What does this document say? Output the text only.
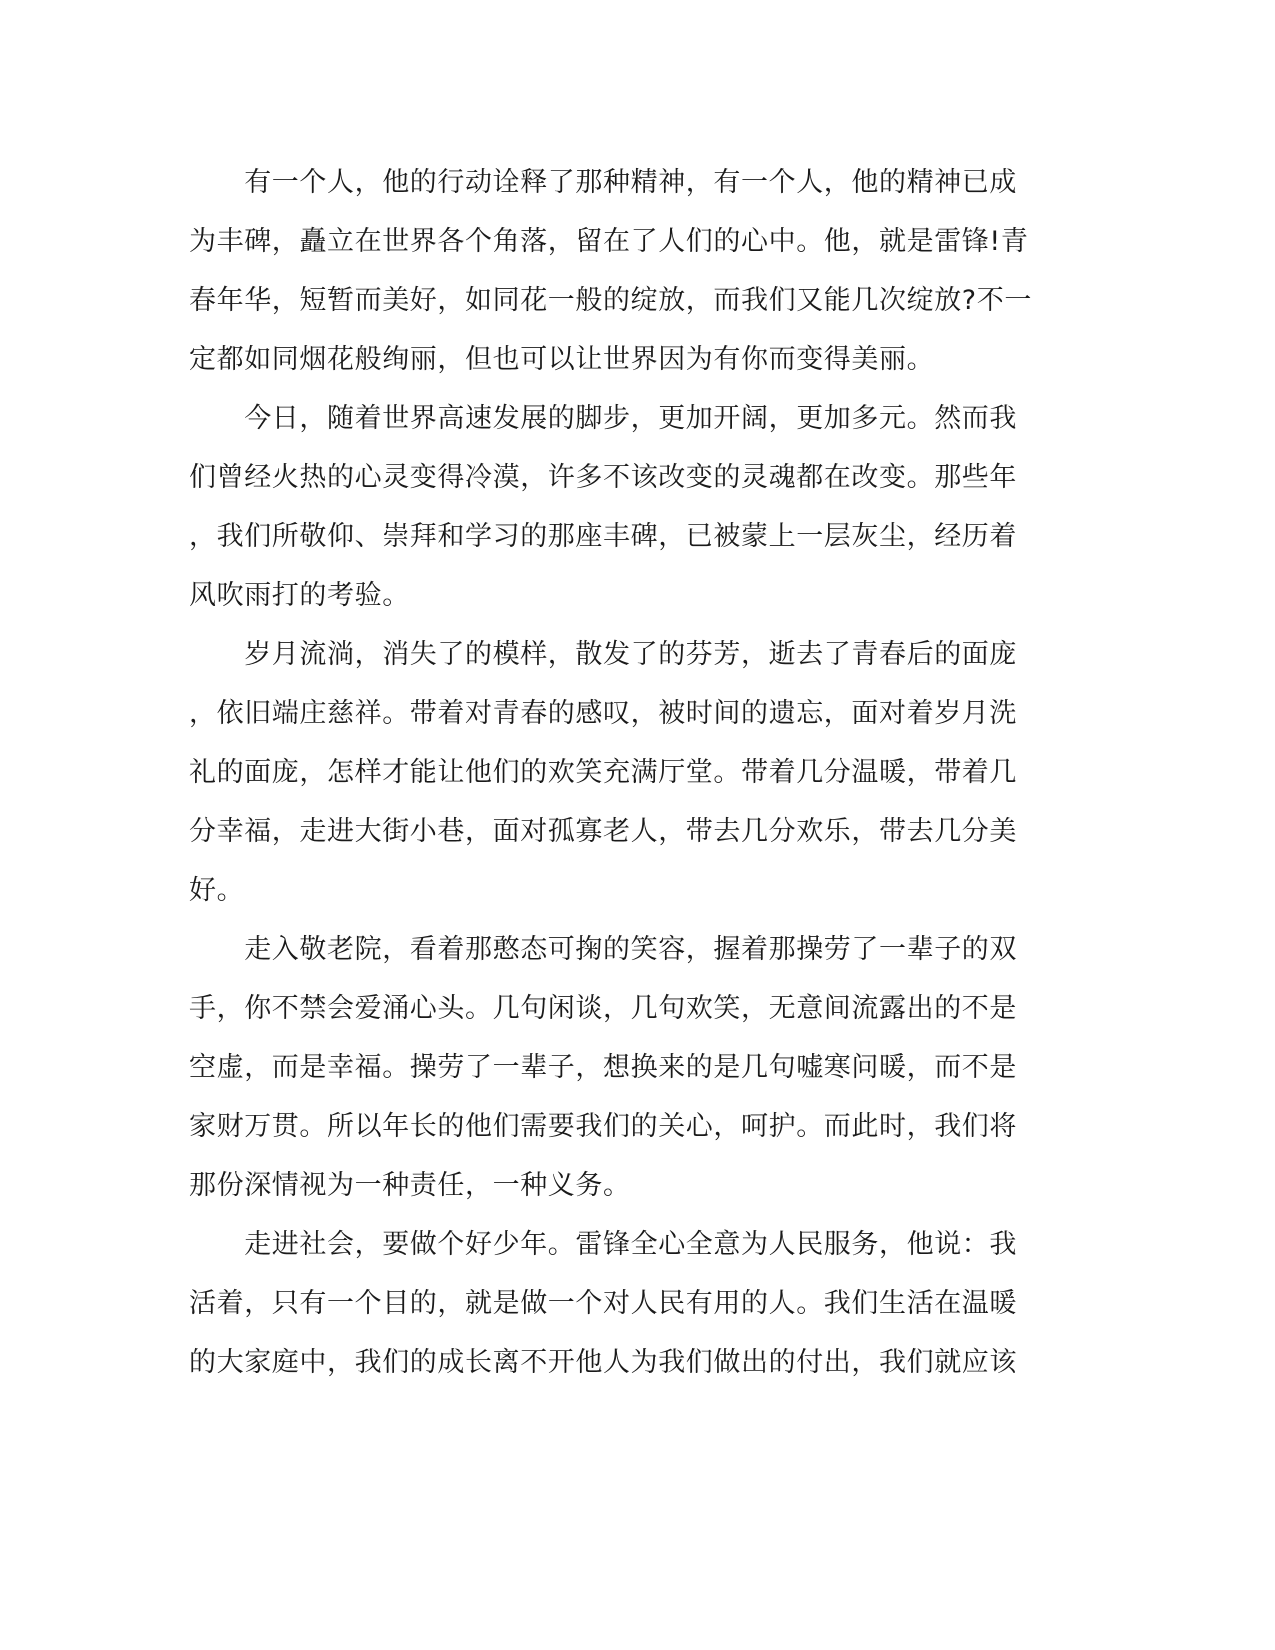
　　有一个人，他的行动诠释了那种精神，有一个人，他的精神已成
为丰碑，矗立在世界各个角落，留在了人们的心中。他，就是雷锋!青
春年华，短暂而美好，如同花一般的绽放，而我们又能几次绽放?不一
定都如同烟花般绚丽，但也可以让世界因为有你而变得美丽。
　　今日，随着世界高速发展的脚步，更加开阔，更加多元。然而我
们曾经火热的心灵变得冷漠，许多不该改变的灵魂都在改变。那些年
，我们所敬仰、崇拜和学习的那座丰碑，已被蒙上一层灰尘，经历着
风吹雨打的考验。
　　岁月流淌，消失了的模样，散发了的芬芳，逝去了青春后的面庞
，依旧端庄慈祥。带着对青春的感叹，被时间的遗忘，面对着岁月洗
礼的面庞，怎样才能让他们的欢笑充满厅堂。带着几分温暖，带着几
分幸福，走进大街小巷，面对孤寡老人，带去几分欢乐，带去几分美
好。
　　走入敬老院，看着那憨态可掬的笑容，握着那操劳了一辈子的双
手，你不禁会爱涌心头。几句闲谈，几句欢笑，无意间流露出的不是
空虚，而是幸福。操劳了一辈子，想换来的是几句嘘寒问暖，而不是
家财万贯。所以年长的他们需要我们的关心，呵护。而此时，我们将
那份深情视为一种责任，一种义务。
　　走进社会，要做个好少年。雷锋全心全意为人民服务，他说：我
活着，只有一个目的，就是做一个对人民有用的人。我们生活在温暖
的大家庭中，我们的成长离不开他人为我们做出的付出，我们就应该
